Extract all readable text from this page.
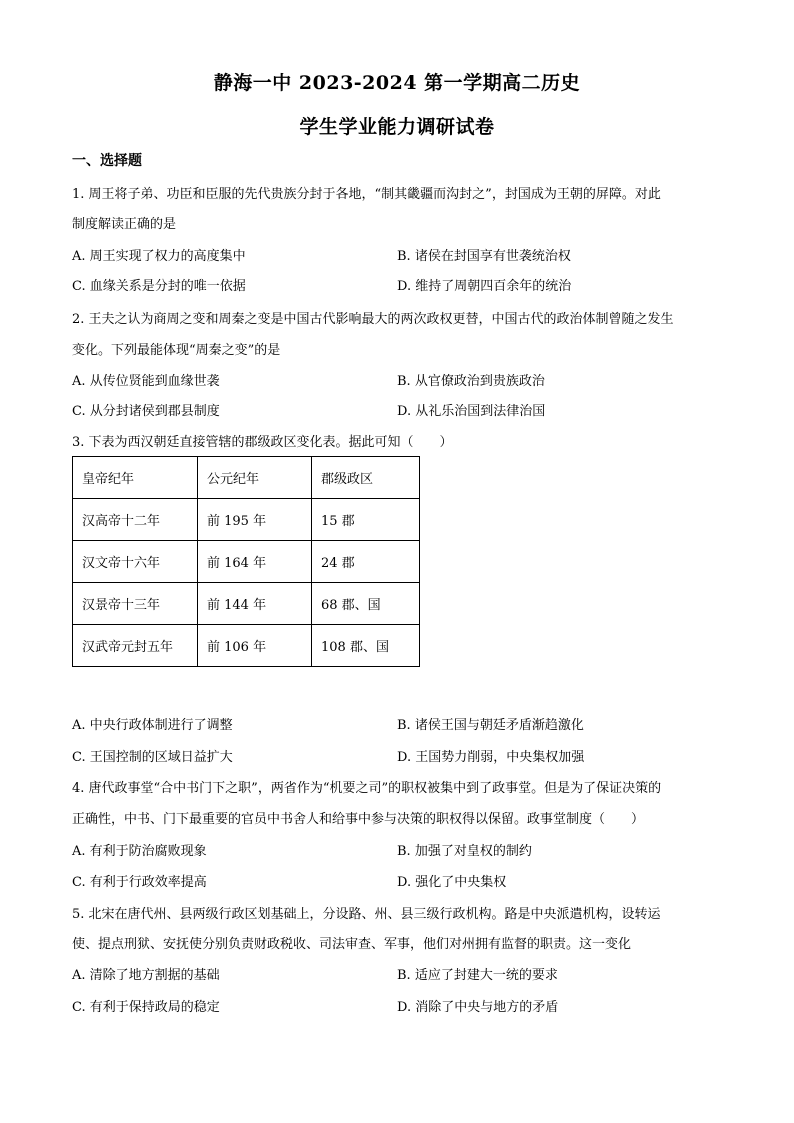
静海一中 2023-2024 第一学期高二历史
学生学业能力调研试卷
一、选择题
1. 周王将子弟、功臣和臣服的先代贵族分封于各地，“制其畿疆而沟封之”，封国成为王朝的屏障。对此
制度解读正确的是
A. 周王实现了权力的高度集中	B. 诸侯在封国享有世袭统治权
C. 血缘关系是分封的唯一依据	D. 维持了周朝四百余年的统治
2. 王夫之认为商周之变和周秦之变是中国古代影响最大的两次政权更替，中国古代的政治体制曾随之发生
变化。下列最能体现“周秦之变”的是
A. 从传位贤能到血缘世袭	B. 从官僚政治到贵族政治
C. 从分封诸侯到郡县制度	D. 从礼乐治国到法律治国
3. 下表为西汉朝廷直接管辖的郡级政区变化表。据此可知（　　）
皇帝纪年	公元纪年	郡级政区
汉高帝十二年	前 195 年	15 郡
汉文帝十六年	前 164 年	24 郡
汉景帝十三年	前 144 年	68 郡、国
汉武帝元封五年	前 106 年	108 郡、国
A. 中央行政体制进行了调整	B. 诸侯王国与朝廷矛盾渐趋激化
C. 王国控制的区域日益扩大	D. 王国势力削弱，中央集权加强
4. 唐代政事堂“合中书门下之职”，两省作为“机要之司”的职权被集中到了政事堂。但是为了保证决策的
正确性，中书、门下最重要的官员中书舍人和给事中参与决策的职权得以保留。政事堂制度（　　）
A. 有利于防治腐败现象	B. 加强了对皇权的制约
C. 有利于行政效率提高	D. 强化了中央集权
5. 北宋在唐代州、县两级行政区划基础上，分设路、州、县三级行政机构。路是中央派遣机构，设转运
使、提点刑狱、安抚使分别负责财政税收、司法审查、军事，他们对州拥有监督的职责。这一变化
A. 清除了地方割据的基础	B. 适应了封建大一统的要求
C. 有利于保持政局的稳定	D. 消除了中央与地方的矛盾
